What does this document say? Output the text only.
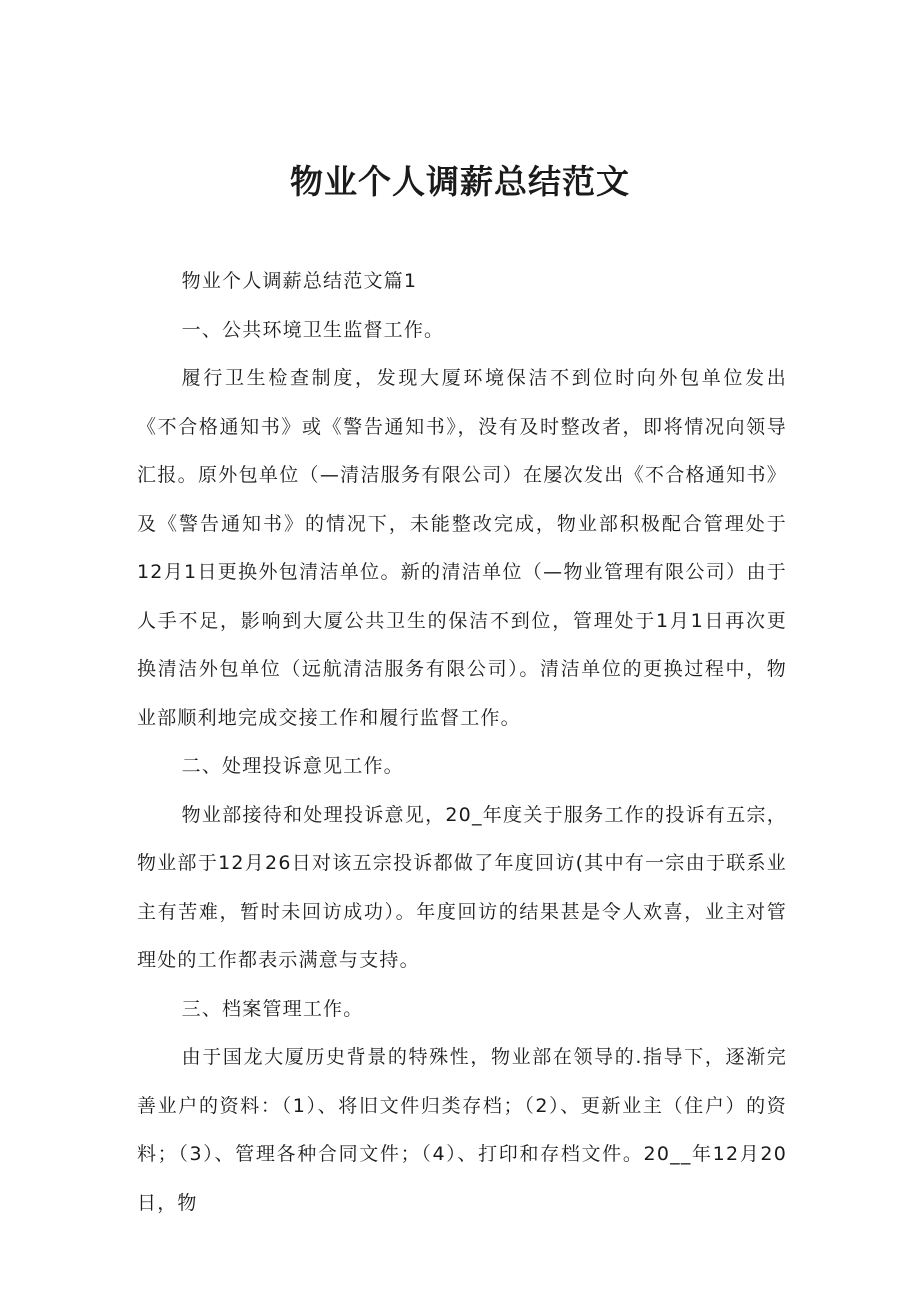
物业个人调薪总结范文

物业个人调薪总结范文篇1

一、公共环境卫生监督工作。

履行卫生检查制度，发现大厦环境保洁不到位时向外包单位发出《不合格通知书》或《警告通知书》，没有及时整改者，即将情况向领导汇报。原外包单位（—清洁服务有限公司）在屡次发出《不合格通知书》及《警告通知书》的情况下，未能整改完成，物业部积极配合管理处于12月1日更换外包清洁单位。新的清洁单位（—物业管理有限公司）由于人手不足，影响到大厦公共卫生的保洁不到位，管理处于1月1日再次更换清洁外包单位（远航清洁服务有限公司）。清洁单位的更换过程中，物业部顺利地完成交接工作和履行监督工作。

二、处理投诉意见工作。

物业部接待和处理投诉意见，20_年度关于服务工作的投诉有五宗，物业部于12月26日对该五宗投诉都做了年度回访(其中有一宗由于联系业主有苦难，暂时未回访成功）。年度回访的结果甚是令人欢喜，业主对管理处的工作都表示满意与支持。

三、档案管理工作。

由于国龙大厦历史背景的特殊性，物业部在领导的.指导下，逐渐完善业户的资料：（1）、将旧文件归类存档；（2）、更新业主（住户）的资料；（3）、管理各种合同文件；（4）、打印和存档文件。20__年12月20日，物
